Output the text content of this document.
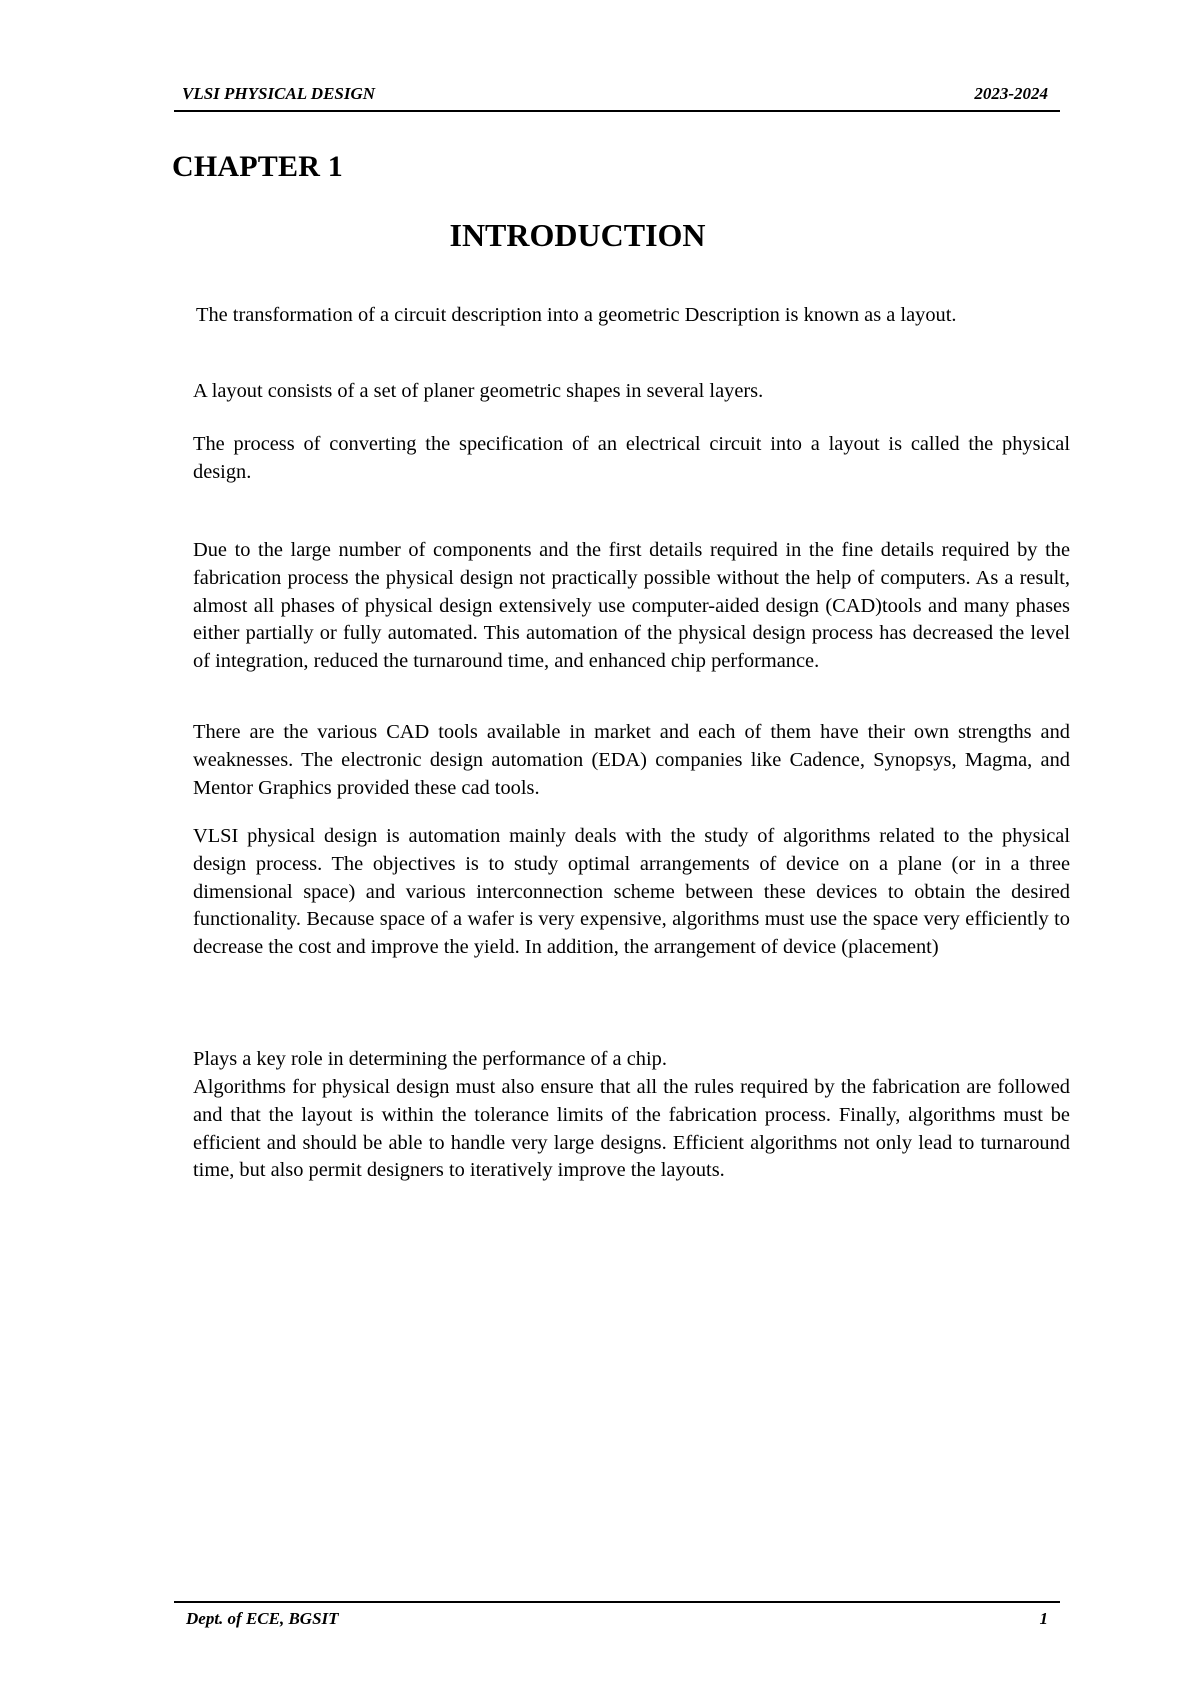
VLSI PHYSICAL DESIGN	2023-2024
CHAPTER 1
INTRODUCTION
The transformation of a circuit description into a geometric Description is known as a layout.
A layout consists of a set of planer geometric shapes in several layers.
The process of converting the specification of an electrical circuit into a layout is called the physical design.
Due to the large number of components and the first details required in the fine details required by the fabrication process the physical design not practically possible without the help of computers. As a result, almost all phases of physical design extensively use computer-aided design (CAD)tools and many phases either partially or fully automated. This automation of the physical design process has decreased the level of integration, reduced the turnaround time, and enhanced chip performance.
There are the various CAD tools available in market and each of them have their own strengths and weaknesses. The electronic design automation (EDA) companies like Cadence, Synopsys, Magma, and Mentor Graphics provided these cad tools.
VLSI physical design is automation mainly deals with the study of algorithms related to the physical design process. The objectives is to study optimal arrangements of device on a plane (or in a three dimensional space) and various interconnection scheme between these devices to obtain the desired functionality. Because space of a wafer is very expensive, algorithms must use the space very efficiently to decrease the cost and improve the yield. In addition, the arrangement of device (placement)
Plays a key role in determining the performance of a chip.
Algorithms for physical design must also ensure that all the rules required by the fabrication are followed and that the layout is within the tolerance limits of the fabrication process. Finally, algorithms must be efficient and should be able to handle very large designs. Efficient algorithms not only lead to turnaround time, but also permit designers to iteratively improve the layouts.
Dept. of ECE, BGSIT	1
